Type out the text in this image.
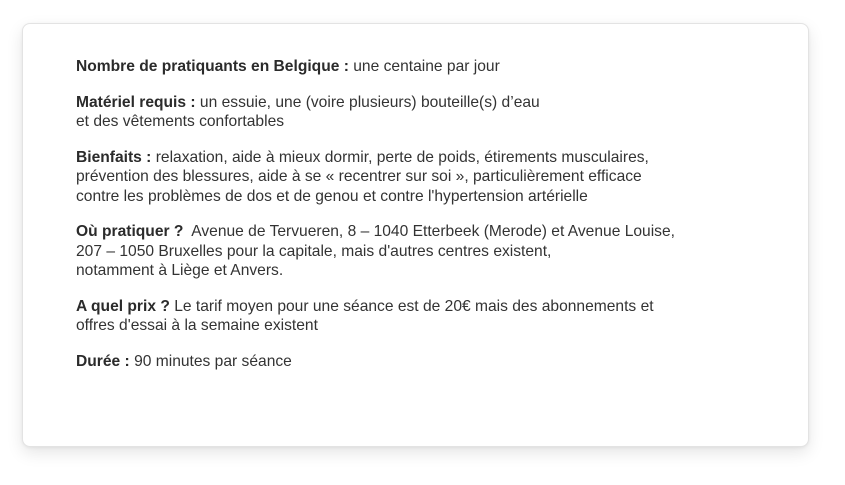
Nombre de pratiquants en Belgique : une centaine par jour
Matériel requis : un essuie, une (voire plusieurs) bouteille(s) d’eau
et des vêtements confortables
Bienfaits : relaxation, aide à mieux dormir, perte de poids, étirements musculaires,
prévention des blessures, aide à se « recentrer sur soi », particulièrement efficace
contre les problèmes de dos et de genou et contre l'hypertension artérielle
Où pratiquer ?  Avenue de Tervueren, 8 – 1040 Etterbeek (Merode) et Avenue Louise,
207 – 1050 Bruxelles pour la capitale, mais d'autres centres existent,
notamment à Liège et Anvers.
A quel prix ? Le tarif moyen pour une séance est de 20€ mais des abonnements et
offres d'essai à la semaine existent
Durée : 90 minutes par séance
